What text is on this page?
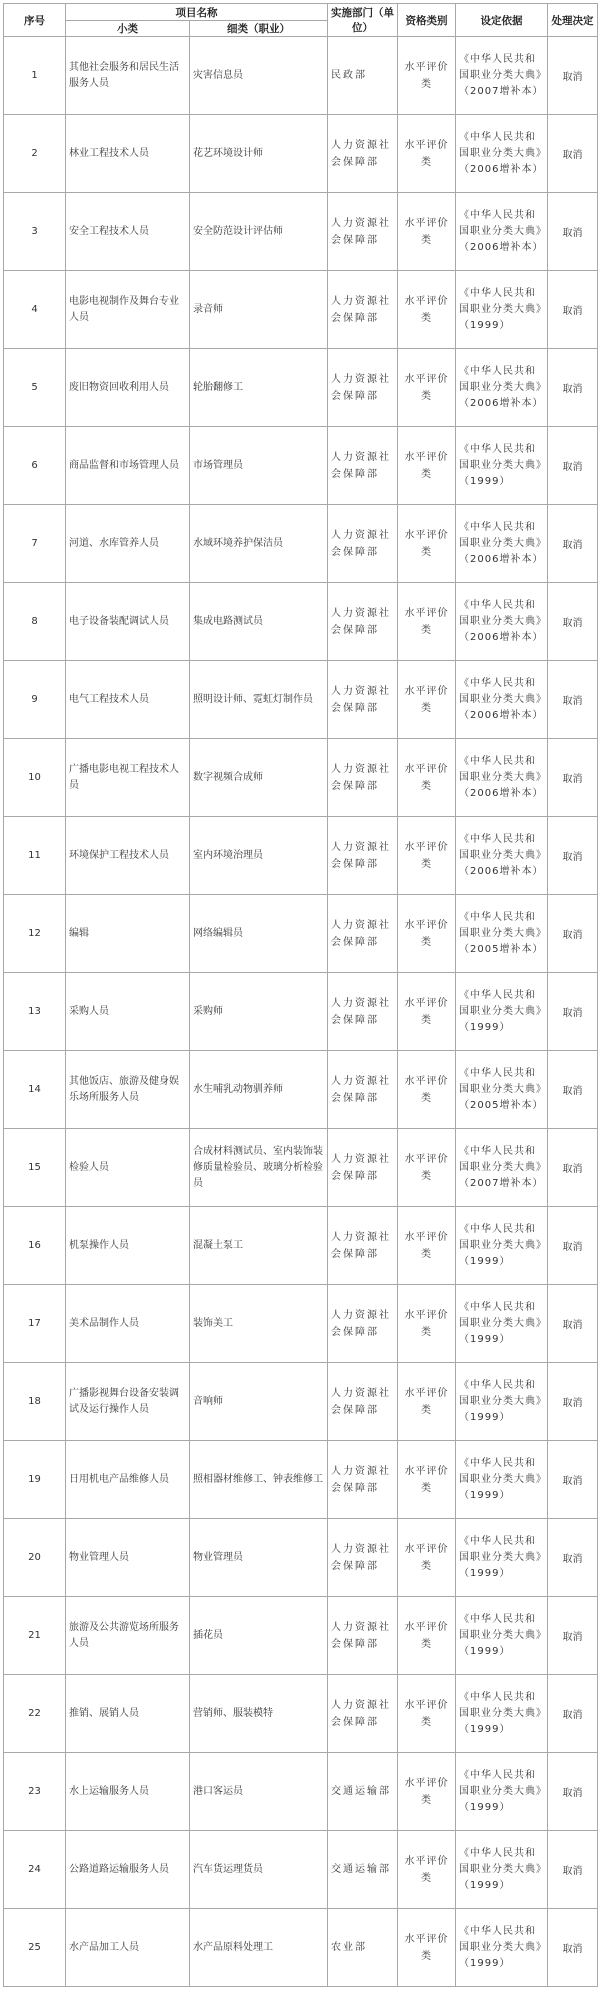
序号	项目名称		实施部门（单位）	资格类别	设定依据	处理决定
	小类	细类（职业）				
1	其他社会服务和居民生活服务人员	灾害信息员	民政部	水平评价类	《中华人民共和国职业分类大典》（2007增补本）	取消
2	林业工程技术人员	花艺环境设计师	人力资源社会保障部	水平评价类	《中华人民共和国职业分类大典》（2006增补本）	取消
3	安全工程技术人员	安全防范设计评估师	人力资源社会保障部	水平评价类	《中华人民共和国职业分类大典》（2006增补本）	取消
4	电影电视制作及舞台专业人员	录音师	人力资源社会保障部	水平评价类	《中华人民共和国职业分类大典》（1999）	取消
5	废旧物资回收利用人员	轮胎翻修工	人力资源社会保障部	水平评价类	《中华人民共和国职业分类大典》（2006增补本）	取消
6	商品监督和市场管理人员	市场管理员	人力资源社会保障部	水平评价类	《中华人民共和国职业分类大典》（1999）	取消
7	河道、水库管养人员	水域环境养护保洁员	人力资源社会保障部	水平评价类	《中华人民共和国职业分类大典》（2006增补本）	取消
8	电子设备装配调试人员	集成电路测试员	人力资源社会保障部	水平评价类	《中华人民共和国职业分类大典》（2006增补本）	取消
9	电气工程技术人员	照明设计师、霓虹灯制作员	人力资源社会保障部	水平评价类	《中华人民共和国职业分类大典》（2006增补本）	取消
10	广播电影电视工程技术人员	数字视频合成师	人力资源社会保障部	水平评价类	《中华人民共和国职业分类大典》（2006增补本）	取消
11	环境保护工程技术人员	室内环境治理员	人力资源社会保障部	水平评价类	《中华人民共和国职业分类大典》（2006增补本）	取消
12	编辑	网络编辑员	人力资源社会保障部	水平评价类	《中华人民共和国职业分类大典》（2005增补本）	取消
13	采购人员	采购师	人力资源社会保障部	水平评价类	《中华人民共和国职业分类大典》（1999）	取消
14	其他饭店、旅游及健身娱乐场所服务人员	水生哺乳动物驯养师	人力资源社会保障部	水平评价类	《中华人民共和国职业分类大典》（2005增补本）	取消
15	检验人员	合成材料测试员、室内装饰装修质量检验员、玻璃分析检验员	人力资源社会保障部	水平评价类	《中华人民共和国职业分类大典》（2007增补本）	取消
16	机泵操作人员	混凝土泵工	人力资源社会保障部	水平评价类	《中华人民共和国职业分类大典》（1999）	取消
17	美术品制作人员	装饰美工	人力资源社会保障部	水平评价类	《中华人民共和国职业分类大典》（1999）	取消
18	广播影视舞台设备安装调试及运行操作人员	音响师	人力资源社会保障部	水平评价类	《中华人民共和国职业分类大典》（1999）	取消
19	日用机电产品维修人员	照相器材维修工、钟表维修工	人力资源社会保障部	水平评价类	《中华人民共和国职业分类大典》（1999）	取消
20	物业管理人员	物业管理员	人力资源社会保障部	水平评价类	《中华人民共和国职业分类大典》（1999）	取消
21	旅游及公共游览场所服务人员	插花员	人力资源社会保障部	水平评价类	《中华人民共和国职业分类大典》（1999）	取消
22	推销、展销人员	营销师、服装模特	人力资源社会保障部	水平评价类	《中华人民共和国职业分类大典》（1999）	取消
23	水上运输服务人员	港口客运员	交通运输部	水平评价类	《中华人民共和国职业分类大典》（1999）	取消
24	公路道路运输服务人员	汽车货运理货员	交通运输部	水平评价类	《中华人民共和国职业分类大典》（1999）	取消
25	水产品加工人员	水产品原料处理工	农业部	水平评价类	《中华人民共和国职业分类大典》（1999）	取消
